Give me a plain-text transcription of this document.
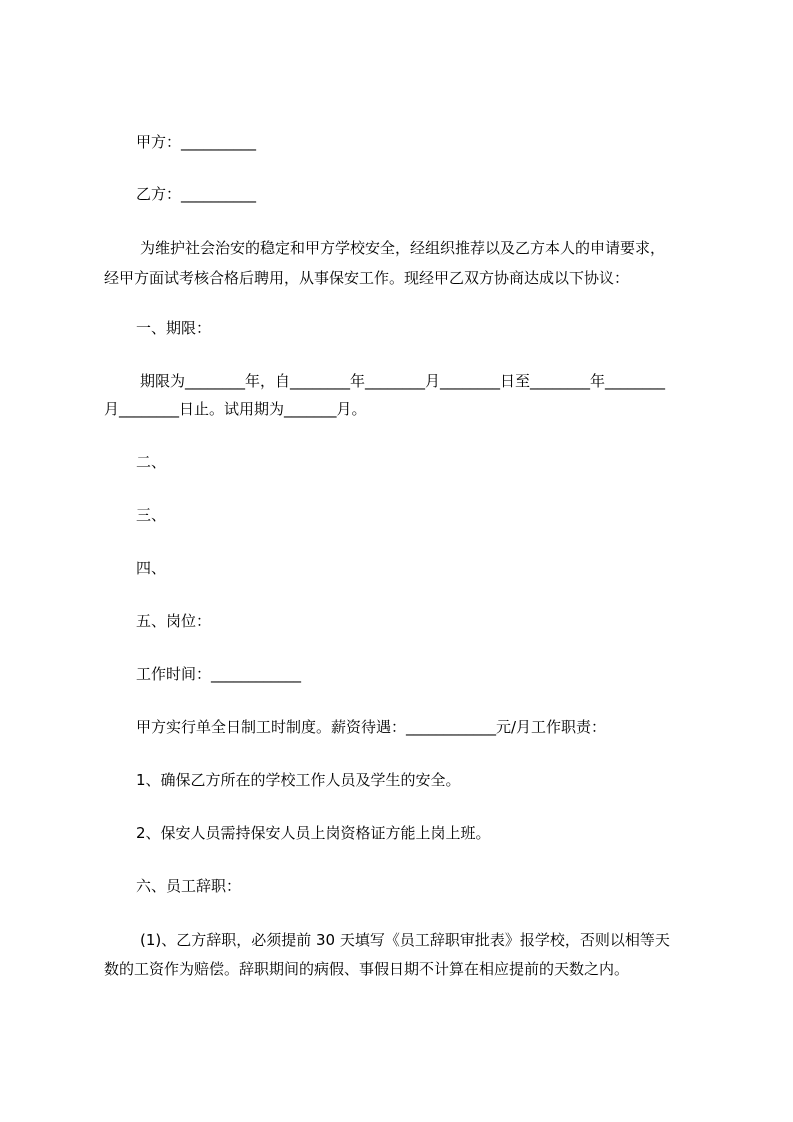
甲方：__________

乙方：__________

为维护社会治安的稳定和甲方学校安全，经组织推荐以及乙方本人的申请要求，

经甲方面试考核合格后聘用，从事保安工作。现经甲乙双方协商达成以下协议：

一、期限：

期限为________年，自________年________月________日至________年________

月________日止。试用期为_______月。

二、

三、

四、

五、岗位：

工作时间：____________

甲方实行单全日制工时制度。薪资待遇：____________元/月工作职责：

1、确保乙方所在的学校工作人员及学生的安全。

2、保安人员需持保安人员上岗资格证方能上岗上班。

六、员工辞职：

(1)、乙方辞职，必须提前 30 天填写《员工辞职审批表》报学校，否则以相等天

数的工资作为赔偿。辞职期间的病假、事假日期不计算在相应提前的天数之内。
